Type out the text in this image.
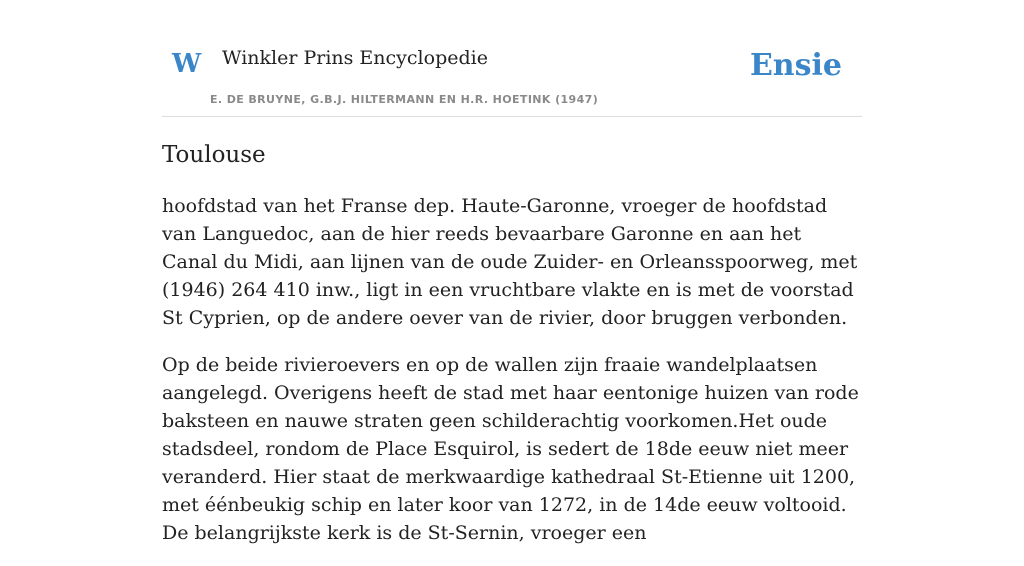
W Winkler Prins Encyclopedie
E. DE BRUYNE, G.B.J. HILTERMANN EN H.R. HOETINK (1947)
Ensie
Toulouse

hoofdstad van het Franse dep. Haute-Garonne, vroeger de hoofdstad van Languedoc, aan de hier reeds bevaarbare Garonne en aan het Canal du Midi, aan lijnen van de oude Zuider- en Orleansspoorweg, met (1946) 264 410 inw., ligt in een vruchtbare vlakte en is met de voorstad St Cyprien, op de andere oever van de rivier, door bruggen verbonden.

Op de beide rivieroevers en op de wallen zijn fraaie wandelplaatsen aangelegd. Overigens heeft de stad met haar eentonige huizen van rode baksteen en nauwe straten geen schilderachtig voorkomen.Het oude stadsdeel, rondom de Place Esquirol, is sedert de 18de eeuw niet meer veranderd. Hier staat de merkwaardige kathedraal St-Etienne uit 1200, met éénbeukig schip en later koor van 1272, in de 14de eeuw voltooid. De belangrijkste kerk is de St-Sernin, vroeger een
